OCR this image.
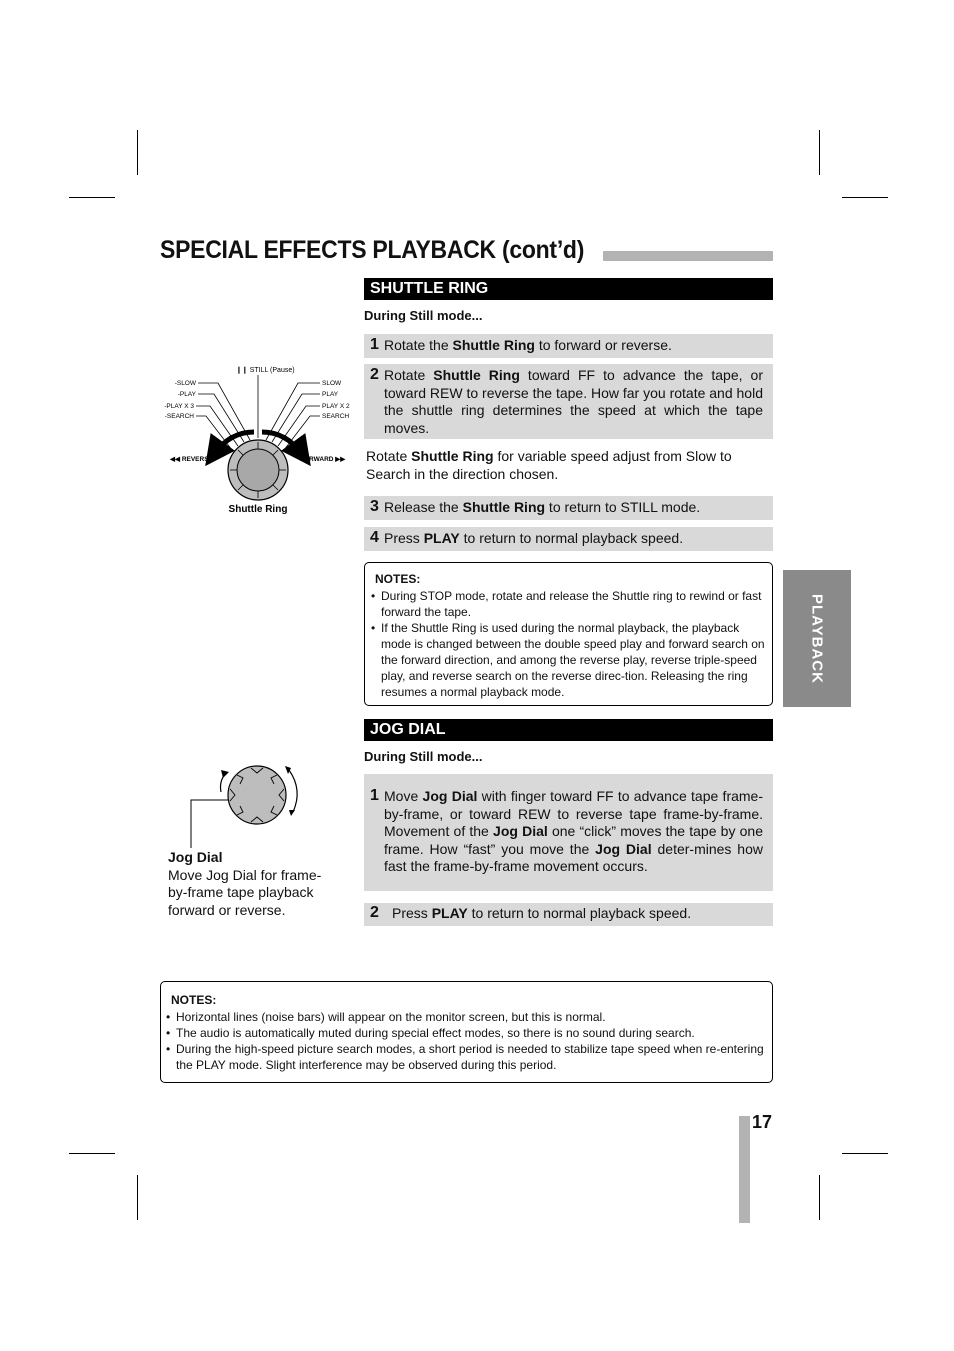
SPECIAL EFFECTS PLAYBACK (cont’d)
PLAYBACK
SHUTTLE RING
During Still mode...
1 Rotate the Shuttle Ring to forward or reverse.
2 Rotate Shuttle Ring toward FF to advance the tape, or toward REW to reverse the tape. How far you rotate and hold the shuttle ring determines the speed at which the tape moves.
Rotate Shuttle Ring for variable speed adjust from Slow to Search in the direction chosen.
3 Release the Shuttle Ring to return to STILL mode.
4 Press PLAY to return to normal playback speed.
NOTES:
• During STOP mode, rotate and release the Shuttle ring to rewind or fast forward the tape.
• If the Shuttle Ring is used during the normal playback, the playback mode is changed between the double speed play and forward search on the forward direction, and among the reverse play, reverse triple-speed play, and reverse search on the reverse direc-tion. Releasing the ring resumes a normal playback mode.
❙❙ STILL (Pause)
-SLOW
-PLAY
-PLAY X 3
-SEARCH
SLOW
PLAY
PLAY X 2
SEARCH
◀◀ REVERSE	FORWARD ▶▶
Shuttle Ring
JOG DIAL
During Still mode...
1 Move Jog Dial with finger toward FF to advance tape frame-by-frame, or toward REW to reverse tape frame-by-frame. Movement of the Jog Dial one “click” moves the tape by one frame. How “fast” you move the Jog Dial deter-mines how fast the frame-by-frame movement occurs.
2 Press PLAY to return to normal playback speed.
Jog Dial
Move Jog Dial for frame-by-frame tape playback forward or reverse.
NOTES:
• Horizontal lines (noise bars) will appear on the monitor screen, but this is normal.
• The audio is automatically muted during special effect modes, so there is no sound during search.
• During the high-speed picture search modes, a short period is needed to stabilize tape speed when re-entering the PLAY mode. Slight interference may be observed during this period.
17
